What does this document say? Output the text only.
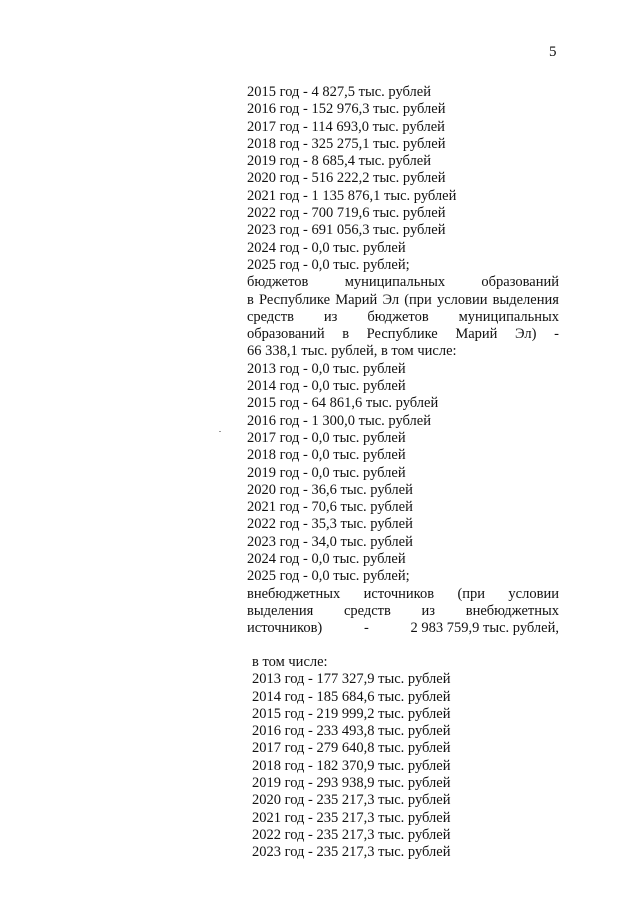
5
2015 год - 4 827,5 тыс. рублей
2016 год - 152 976,3 тыс. рублей
2017 год - 114 693,0 тыс. рублей
2018 год - 325 275,1 тыс. рублей
2019 год - 8 685,4 тыс. рублей
2020 год - 516 222,2 тыс. рублей
2021 год - 1 135 876,1 тыс. рублей
2022 год - 700 719,6 тыс. рублей
2023 год - 691 056,3 тыс. рублей
2024 год - 0,0 тыс. рублей
2025 год - 0,0 тыс. рублей;
бюджетов	муниципальных	образований
в Республике Марий Эл (при условии выделения
средств из бюджетов муниципальных
образований в Республике Марий Эл) -
66 338,1 тыс. рублей, в том числе:
2013 год - 0,0 тыс. рублей
2014 год - 0,0 тыс. рублей
2015 год - 64 861,6 тыс. рублей
2016 год - 1 300,0 тыс. рублей
2017 год - 0,0 тыс. рублей
2018 год - 0,0 тыс. рублей
2019 год - 0,0 тыс. рублей
2020 год - 36,6 тыс. рублей
2021 год - 70,6 тыс. рублей
2022 год - 35,3 тыс. рублей
2023 год - 34,0 тыс. рублей
2024 год - 0,0 тыс. рублей
2025 год - 0,0 тыс. рублей;
внебюджетных источников (при условии
выделения средств из внебюджетных
источников)	-	2 983 759,9 тыс. рублей,
в том числе:
2013 год - 177 327,9 тыс. рублей
2014 год - 185 684,6 тыс. рублей
2015 год - 219 999,2 тыс. рублей
2016 год - 233 493,8 тыс. рублей
2017 год - 279 640,8 тыс. рублей
2018 год - 182 370,9 тыс. рублей
2019 год - 293 938,9 тыс. рублей
2020 год - 235 217,3 тыс. рублей
2021 год - 235 217,3 тыс. рублей
2022 год - 235 217,3 тыс. рублей
2023 год - 235 217,3 тыс. рублей
